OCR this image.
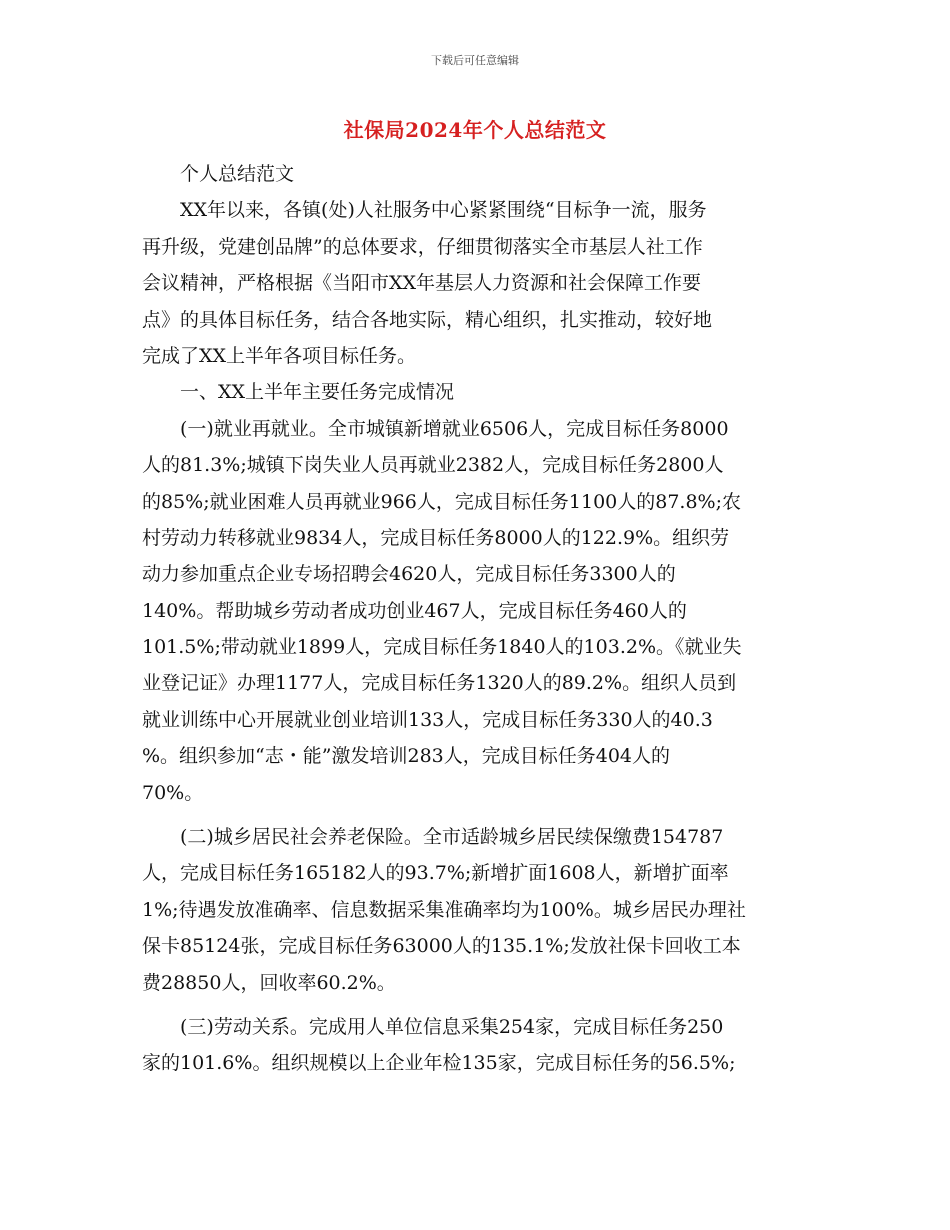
下载后可任意编辑
社保局2024年个人总结范文
　　个人总结范文
　　XX年以来，各镇(处)人社服务中心紧紧围绕“目标争一流，服务
再升级，党建创品牌”的总体要求，仔细贯彻落实全市基层人社工作
会议精神，严格根据《当阳市XX年基层人力资源和社会保障工作要
点》的具体目标任务，结合各地实际，精心组织，扎实推动，较好地
完成了XX上半年各项目标任务。
　　一、XX上半年主要任务完成情况
　　(一)就业再就业。全市城镇新增就业6506人，完成目标任务8000
人的81.3%;城镇下岗失业人员再就业2382人，完成目标任务2800人
的85%;就业困难人员再就业966人，完成目标任务1100人的87.8%;农
村劳动力转移就业9834人，完成目标任务8000人的122.9%。组织劳
动力参加重点企业专场招聘会4620人，完成目标任务3300人的
140%。帮助城乡劳动者成功创业467人，完成目标任务460人的
101.5%;带动就业1899人，完成目标任务1840人的103.2%。《就业失
业登记证》办理1177人，完成目标任务1320人的89.2%。组织人员到
就业训练中心开展就业创业培训133人，完成目标任务330人的40.3
%。组织参加“志・能”激发培训283人，完成目标任务404人的
70%。
　　(二)城乡居民社会养老保险。全市适龄城乡居民续保缴费154787
人，完成目标任务165182人的93.7%;新增扩面1608人，新增扩面率
1%;待遇发放准确率、信息数据采集准确率均为100%。城乡居民办理社
保卡85124张，完成目标任务63000人的135.1%;发放社保卡回收工本
费28850人，回收率60.2%。
　　(三)劳动关系。完成用人单位信息采集254家，完成目标任务250
家的101.6%。组织规模以上企业年检135家，完成目标任务的56.5%;
